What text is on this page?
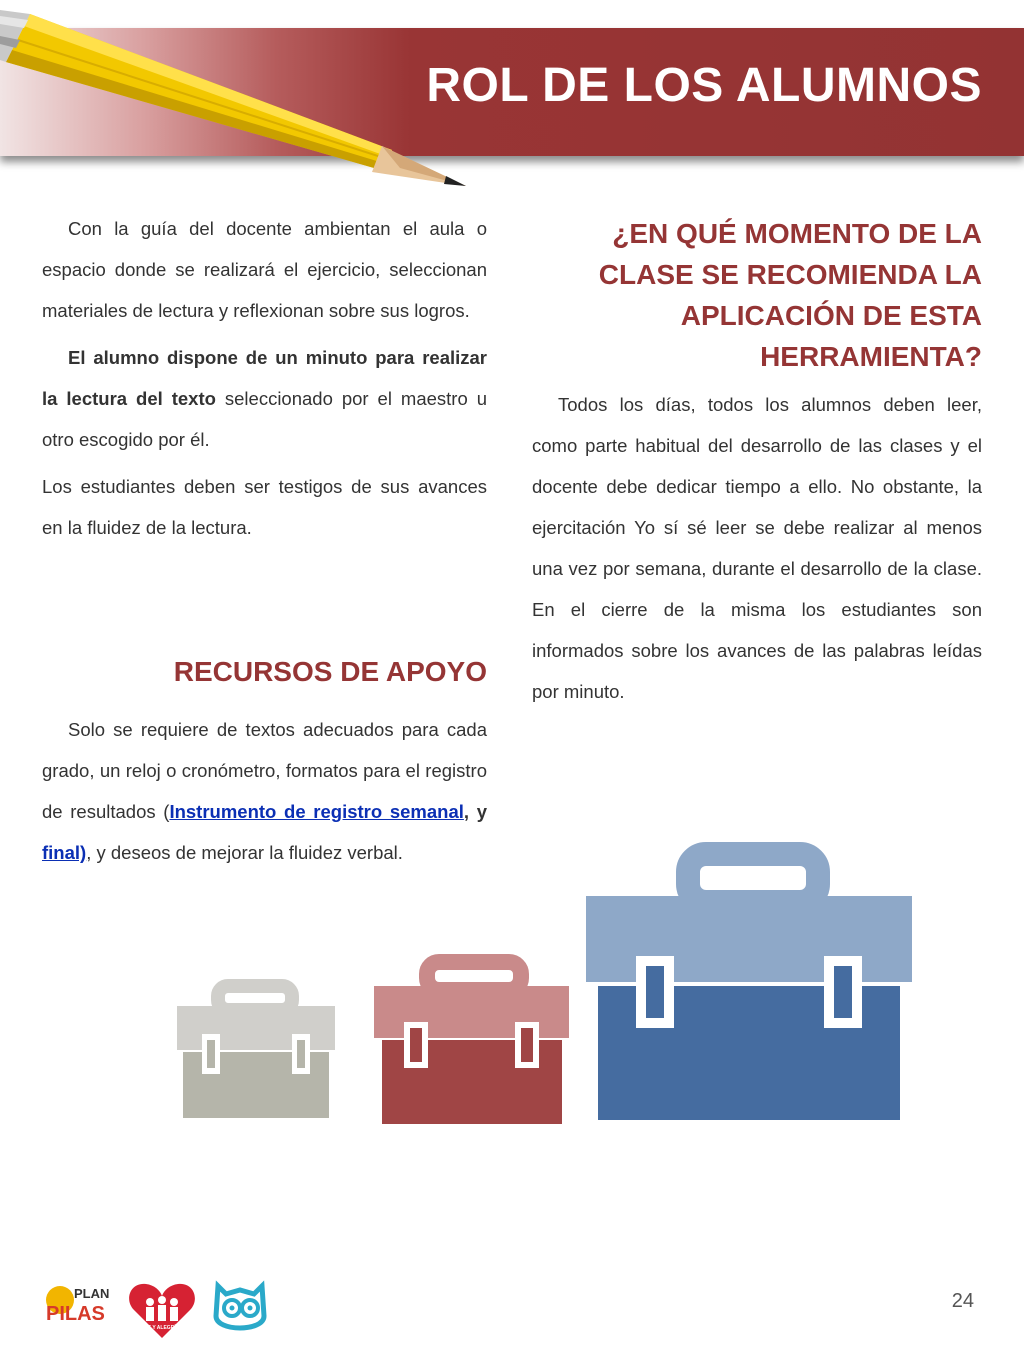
ROL DE LOS ALUMNOS

Con la guía del docente ambientan el aula o espacio donde se realizará el ejercicio, seleccionan materiales de lectura y reflexionan sobre sus logros.

El alumno dispone de un minuto para realizar la lectura del texto seleccionado por el maestro u otro escogido por él.

Los estudiantes deben ser testigos de sus avances en la fluidez de la lectura.

RECURSOS DE APOYO

Solo se requiere de textos adecuados para cada grado, un reloj o cronómetro, formatos para el registro de resultados (Instrumento de registro semanal, y final), y deseos de mejorar la fluidez verbal.

¿EN QUÉ MOMENTO DE LA CLASE SE RECOMIENDA LA APLICACIÓN DE ESTA HERRAMIENTA?

Todos los días, todos los alumnos deben leer, como parte habitual del desarrollo de las clases y el docente debe dedicar tiempo a ello. No obstante, la ejercitación Yo sí sé leer se debe realizar al menos una vez por semana, durante el desarrollo de la clase. En el cierre de la misma los estudiantes son informados sobre los avances de las palabras leídas por minuto.

PLAN
PILAS
FE Y ALEGRÍA
24
